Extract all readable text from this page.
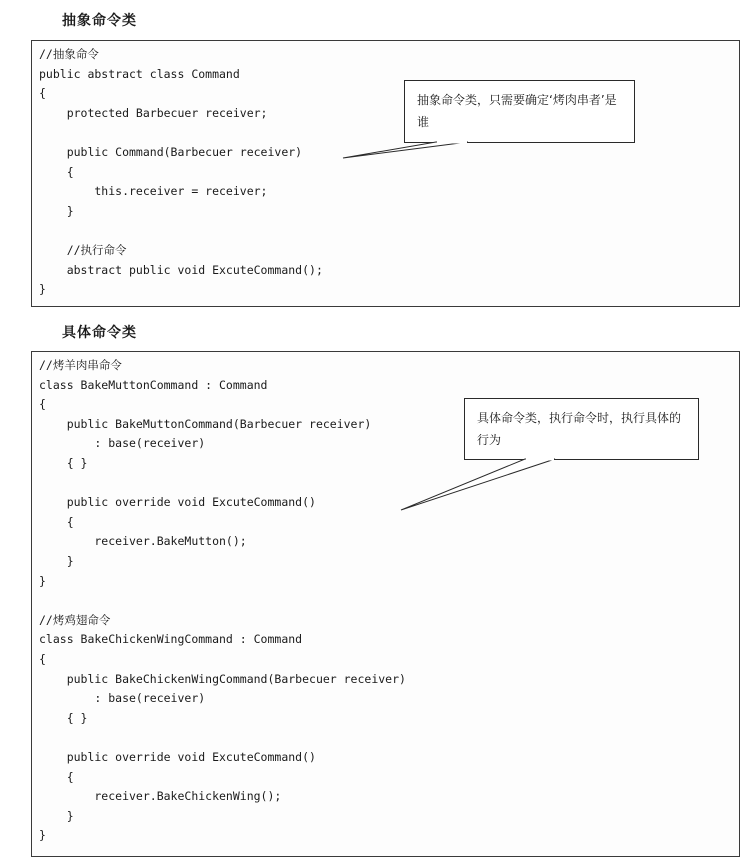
抽象命令类
//抽象命令
public abstract class Command
{
protected Barbecuer receiver;
public Command(Barbecuer receiver)
{
this.receiver = receiver;
}
//执行命令
abstract public void ExcuteCommand();
}
抽象命令类，只需要确定‘烤肉串者’是谁
具体命令类
//烤羊肉串命令
class BakeMuttonCommand : Command
{
public BakeMuttonCommand(Barbecuer receiver)
: base(receiver)
{ }
public override void ExcuteCommand()
{
receiver.BakeMutton();
}
}
//烤鸡翅命令
class BakeChickenWingCommand : Command
{
public BakeChickenWingCommand(Barbecuer receiver)
: base(receiver)
{ }
public override void ExcuteCommand()
{
receiver.BakeChickenWing();
}
}
具体命令类，执行命令时，执行具体的行为
